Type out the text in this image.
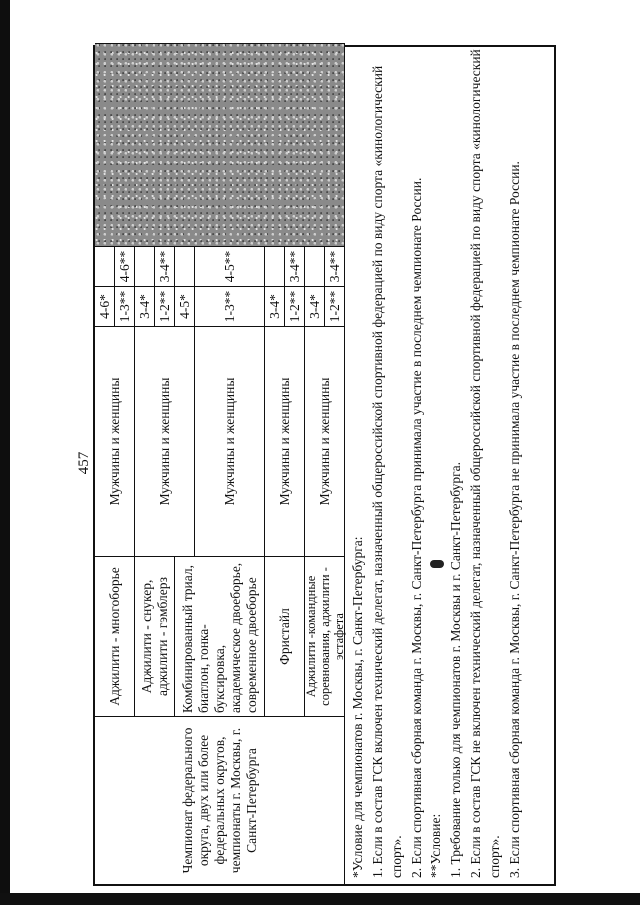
457
Чемпионат федерального округа, двух или более федеральных округов, чемпионаты г. Москвы, г. Санкт-Петербурга
Аджилити - многоборье
Мужчины и женщины
4-6* 1-3**
4-6**
Аджилити - снукер, аджилити - гэмблерз
Мужчины и женщины
3-4* 1-2** 4-5*
3-4**
Комбинированный триал, биатлон, гонка-буксировка, академическое двоеборье, современное двоеборье
Мужчины и женщины
1-3**
4-5**
Фристайл
Мужчины и женщины
3-4* 1-2**
3-4**
Аджилити -командные соревнования, аджилити - эстафета
Мужчины и женщины
3-4* 1-2**
3-4**

*Условие для чемпионатов г. Москвы, г. Санкт-Петербурга: 1. Если в состав ГСК включен технический делегат, назначенный общероссийской спортивной федерацией по виду спорта «кинологический спорт». 2. Если спортивная сборная команда г. Москвы, г. Санкт-Петербурга принимала участие в последнем чемпионате России. **Условие: 1. Требование только для чемпионатов г. Москвы и г. Санкт-Петербурга. 2. Если в состав ГСК не включен технический делегат, назначенный общероссийской спортивной федерацией по виду спорта «кинологический спорт». 3. Если спортивная сборная команда г. Москвы, г. Санкт-Петербурга не принимала участие в последнем чемпионате России.
